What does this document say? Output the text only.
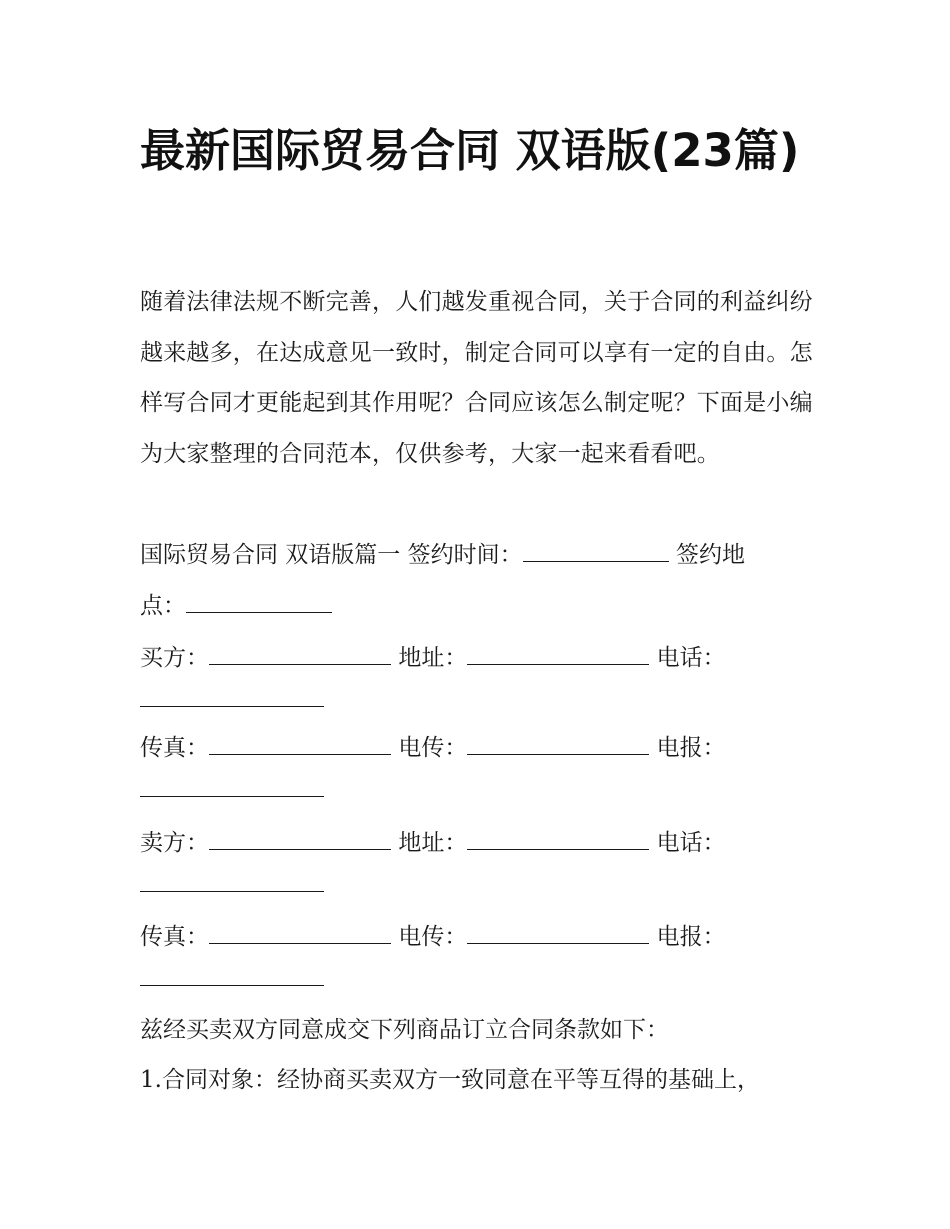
最新国际贸易合同 双语版(23篇)

随着法律法规不断完善，人们越发重视合同，关于合同的利益纠纷越来越多，在达成意见一致时，制定合同可以享有一定的自由。怎样写合同才更能起到其作用呢？合同应该怎么制定呢？下面是小编为大家整理的合同范本，仅供参考，大家一起来看看吧。

国际贸易合同 双语版篇一 签约时间：	签约地

点：

买方：	地址：	电话：

传真：	电传：	电报：

卖方：	地址：	电话：

传真：	电传：	电报：

兹经买卖双方同意成交下列商品订立合同条款如下：

1.合同对象：经协商买卖双方一致同意在平等互得的基础上，
